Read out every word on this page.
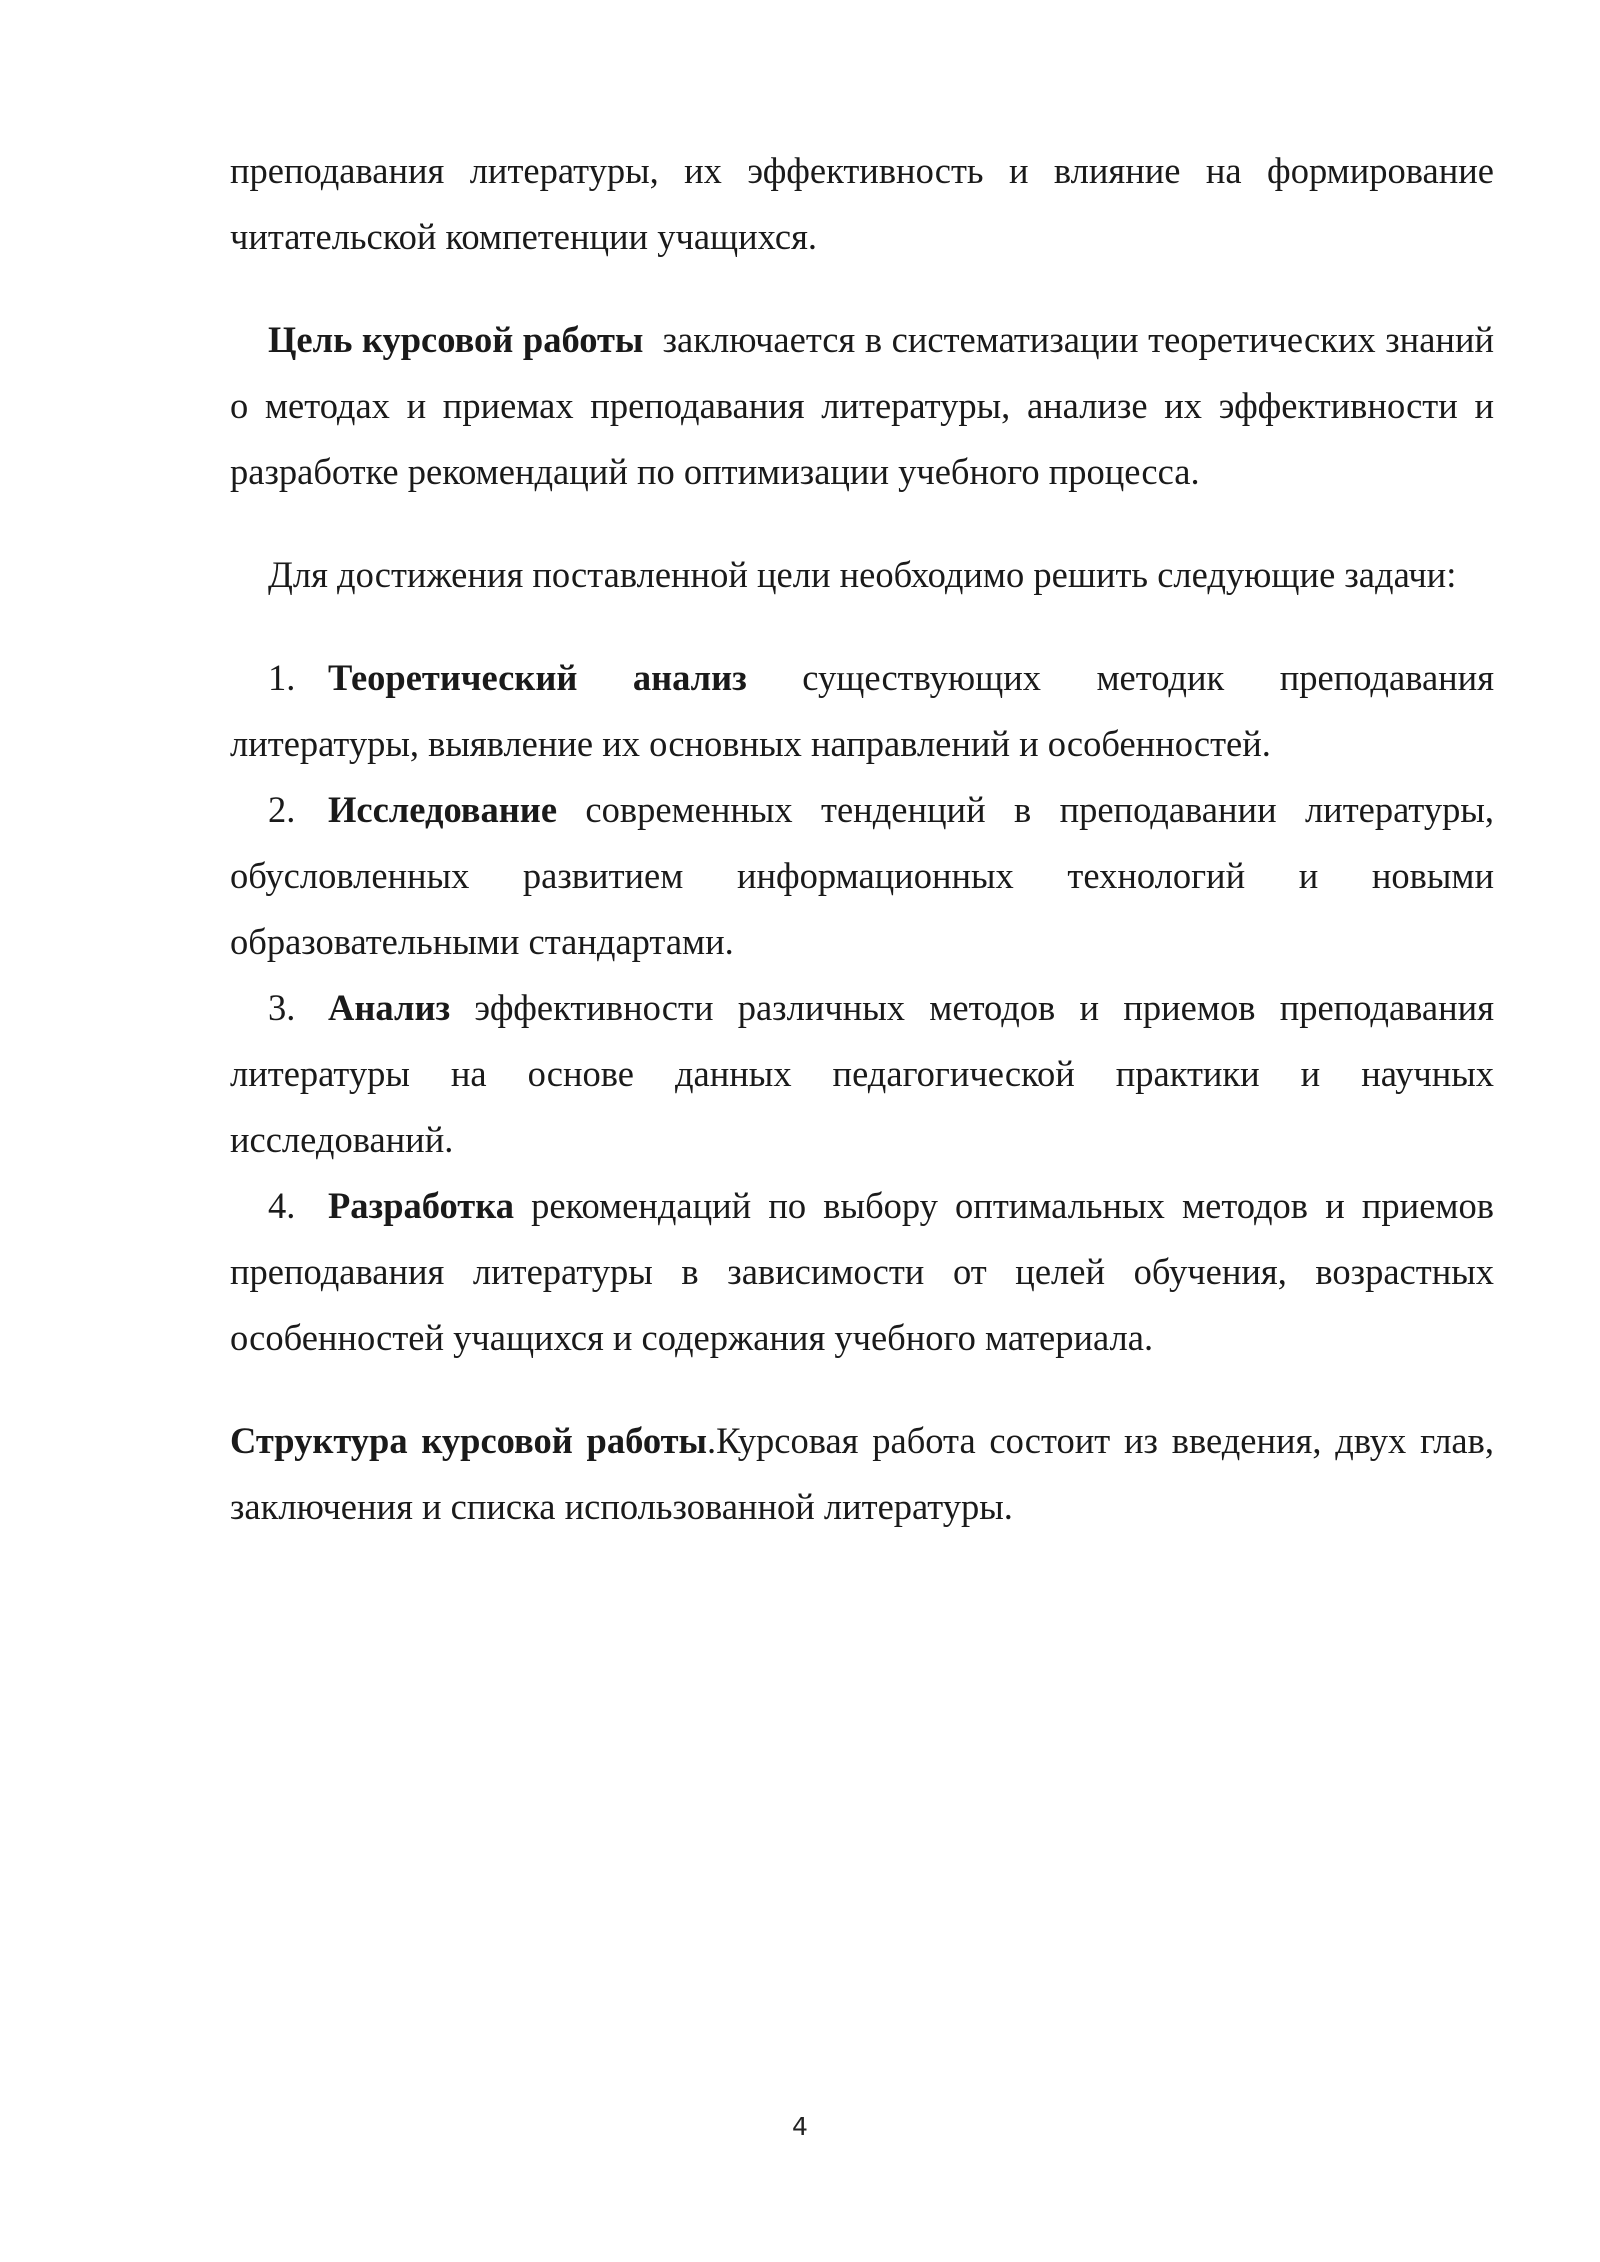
преподавания литературы, их эффективность и влияние на формирование читательской компетенции учащихся.

Цель курсовой работы  заключается в систематизации теоретических знаний о методах и приемах преподавания литературы, анализе их эффективности и разработке рекомендаций по оптимизации учебного процесса.

Для достижения поставленной цели необходимо решить следующие задачи:

1. Теоретический анализ существующих методик преподавания литературы, выявление их основных направлений и особенностей.
2. Исследование современных тенденций в преподавании литературы, обусловленных развитием информационных технологий и новыми образовательными стандартами.
3. Анализ эффективности различных методов и приемов преподавания литературы на основе данных педагогической практики и научных исследований.
4. Разработка рекомендаций по выбору оптимальных методов и приемов преподавания литературы в зависимости от целей обучения, возрастных особенностей учащихся и содержания учебного материала.

Структура курсовой работы.Курсовая работа состоит из введения, двух глав, заключения и списка использованной литературы.

4
